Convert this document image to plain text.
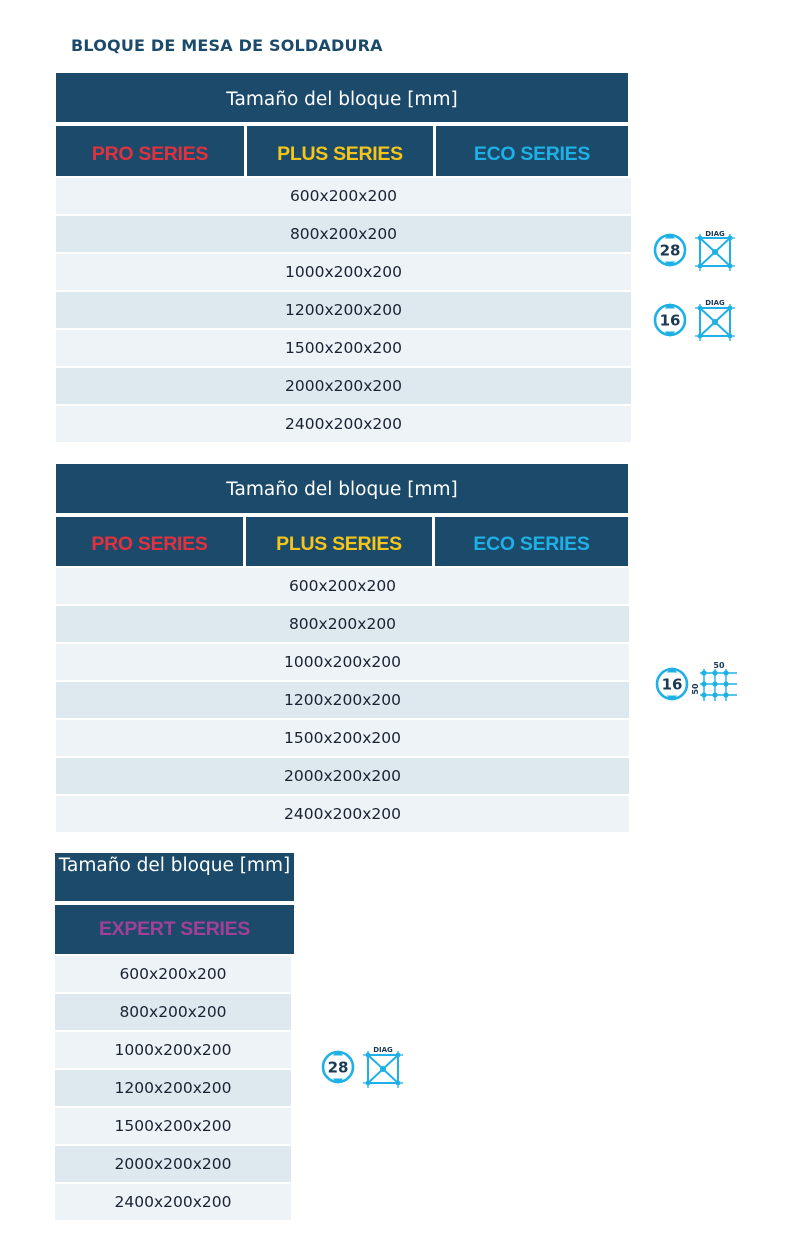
BLOQUE DE MESA DE SOLDADURA
Tamaño del bloque [mm]
PRO SERIES	PLUS SERIES	ECO SERIES
600x200x200
800x200x200
1000x200x200
1200x200x200
1500x200x200
2000x200x200
2400x200x200
28
DIAG
16
DIAG
Tamaño del bloque [mm]
PRO SERIES	PLUS SERIES	ECO SERIES
600x200x200
800x200x200
1000x200x200
1200x200x200
1500x200x200
2000x200x200
2400x200x200
16
50
50
Tamaño del bloque [mm]
EXPERT SERIES
600x200x200
800x200x200
1000x200x200
1200x200x200
1500x200x200
2000x200x200
2400x200x200
28
DIAG
